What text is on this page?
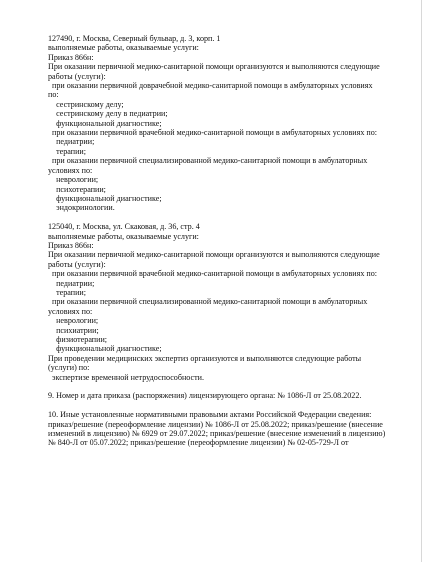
127490, г. Москва, Северный бульвар, д. 3, корп. 1
выполняемые работы, оказываемые услуги:
Приказ 866н:
При оказании первичной медико-санитарной помощи организуются и выполняются следующие
работы (услуги):
при оказании первичной доврачебной медико-санитарной помощи в амбулаторных условиях
по:
сестринскому делу;
сестринскому делу в педиатрии;
функциональной диагностике;
при оказании первичной врачебной медико-санитарной помощи в амбулаторных условиях по:
педиатрии;
терапии;
при оказании первичной специализированной медико-санитарной помощи в амбулаторных
условиях по:
неврологии;
психотерапии;
функциональной диагностике;
эндокринологии.
125040, г. Москва, ул. Скаковая, д. 36, стр. 4
выполняемые работы, оказываемые услуги:
Приказ 866н:
При оказании первичной медико-санитарной помощи организуются и выполняются следующие
работы (услуги):
при оказании первичной врачебной медико-санитарной помощи в амбулаторных условиях по:
педиатрии;
терапии;
при оказании первичной специализированной медико-санитарной помощи в амбулаторных
условиях по:
неврологии;
психиатрии;
физиотерапии;
функциональной диагностике;
При проведении медицинских экспертиз организуются и выполняются следующие работы
(услуги) по:
экспертизе временной нетрудоспособности.
9. Номер и дата приказа (распоряжения) лицензирующего органа: № 1086-Л от 25.08.2022.
10. Иные установленные нормативными правовыми актами Российской Федерации сведения:
приказ/решение (переоформление лицензии) № 1086-Л от 25.08.2022; приказ/решение (внесение
изменений в лицензию) № 6929 от 29.07.2022; приказ/решение (внесение изменений в лицензию)
№ 840-Л от 05.07.2022; приказ/решение (переоформление лицензии) № 02-05-729-Л от
